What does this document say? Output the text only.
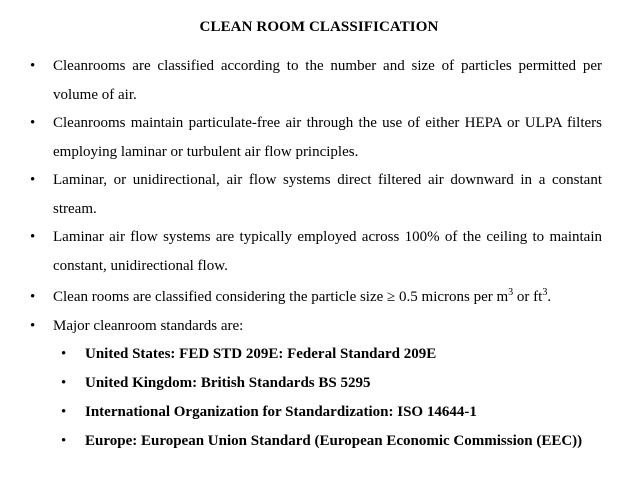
CLEAN ROOM CLASSIFICATION
• Cleanrooms are classified according to the number and size of particles permitted per volume of air.
• Cleanrooms maintain particulate-free air through the use of either HEPA or ULPA filters employing laminar or turbulent air flow principles.
• Laminar, or unidirectional, air flow systems direct filtered air downward in a constant stream.
• Laminar air flow systems are typically employed across 100% of the ceiling to maintain constant, unidirectional flow.
• Clean rooms are classified considering the particle size ≥ 0.5 microns per $m^3$ or $ft^3$.
• Major cleanroom standards are:
• United States: FED STD 209E: Federal Standard 209E
• United Kingdom: British Standards BS 5295
• International Organization for Standardization: ISO 14644-1
• Europe: European Union Standard (European Economic Commission (EEC))
